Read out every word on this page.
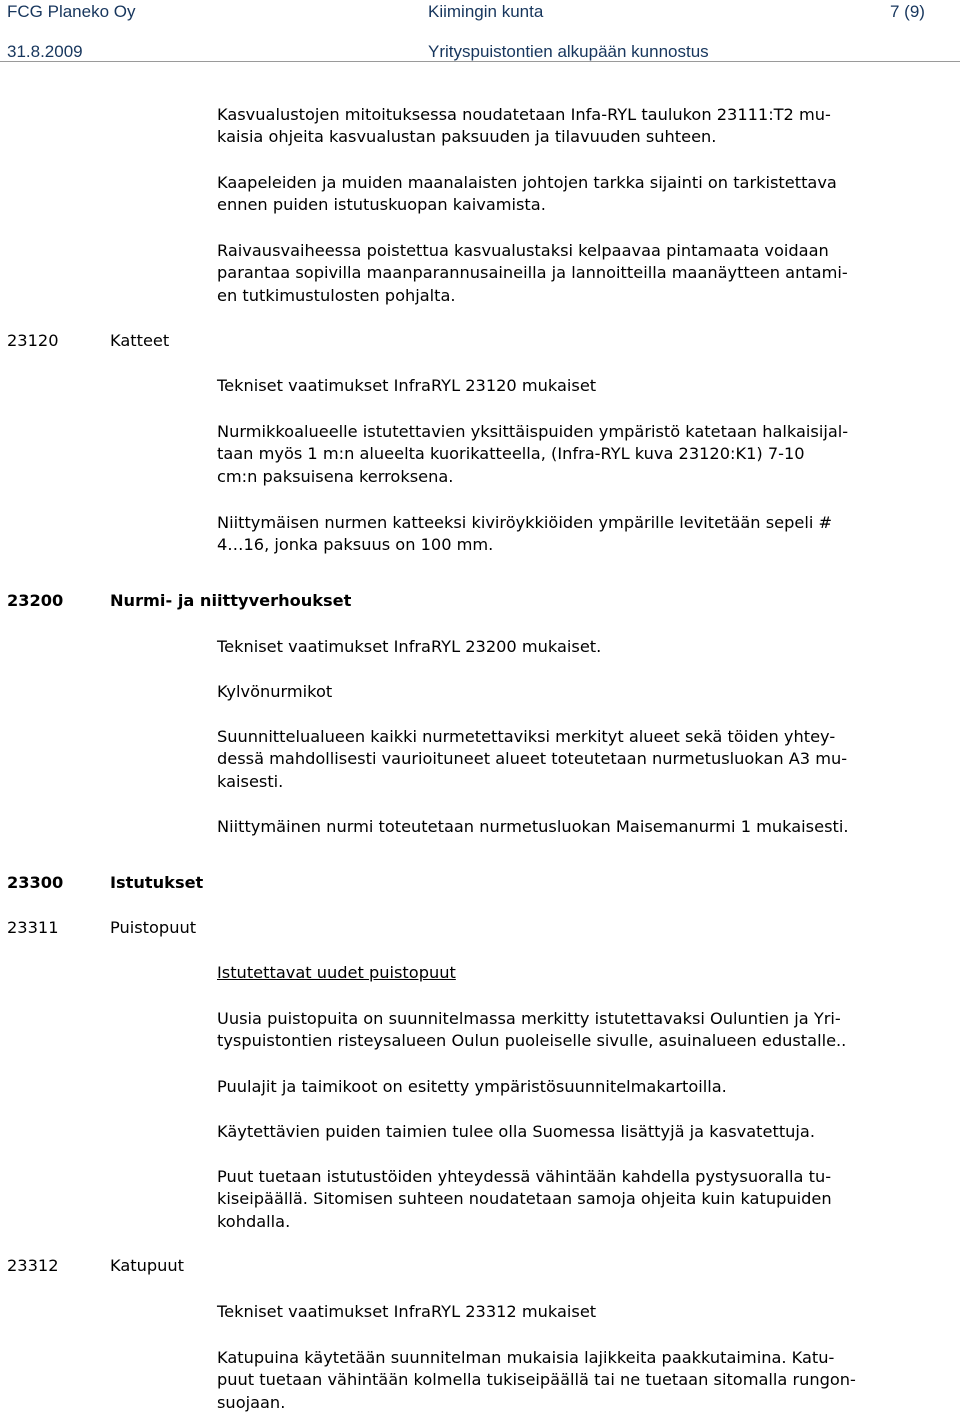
FCG Planeko Oy	Kiimingin kunta	7 (9)
31.8.2009	Yrityspuistontien alkupään kunnostus
Kasvualustojen mitoituksessa noudatetaan Infa-RYL taulukon 23111:T2 mu-
kaisia ohjeita kasvualustan paksuuden ja tilavuuden suhteen.
Kaapeleiden ja muiden maanalaisten johtojen tarkka sijainti on tarkistettava
ennen puiden istutuskuopan kaivamista.
Raivausvaiheessa poistettua kasvualustaksi kelpaavaa pintamaata voidaan
parantaa sopivilla maanparannusaineilla ja lannoitteilla maanäytteen antami-
en tutkimustulosten pohjalta.
23120	Katteet
Tekniset vaatimukset InfraRYL 23120 mukaiset
Nurmikkoalueelle istutettavien yksittäispuiden ympäristö katetaan halkaisijal-
taan myös 1 m:n alueelta kuorikatteella, (Infra-RYL kuva 23120:K1) 7-10
cm:n paksuisena kerroksena.
Niittymäisen nurmen katteeksi kiviröykkiöiden ympärille levitetään sepeli #
4…16, jonka paksuus on 100 mm.
23200	Nurmi- ja niittyverhoukset
Tekniset vaatimukset InfraRYL 23200 mukaiset.
Kylvönurmikot
Suunnittelualueen kaikki nurmetettaviksi merkityt alueet sekä töiden yhtey-
dessä mahdollisesti vaurioituneet alueet toteutetaan nurmetusluokan A3 mu-
kaisesti.
Niittymäinen nurmi toteutetaan nurmetusluokan Maisemanurmi 1 mukaisesti.
23300	Istutukset
23311	Puistopuut
Istutettavat uudet puistopuut
Uusia puistopuita on suunnitelmassa merkitty istutettavaksi Ouluntien ja Yri-
tyspuistontien risteysalueen Oulun puoleiselle sivulle, asuinalueen edustalle..
Puulajit ja taimikoot on esitetty ympäristösuunnitelmakartoilla.
Käytettävien puiden taimien tulee olla Suomessa lisättyjä ja kasvatettuja.
Puut tuetaan istutustöiden yhteydessä vähintään kahdella pystysuoralla tu-
kiseipäällä. Sitomisen suhteen noudatetaan samoja ohjeita kuin katupuiden
kohdalla.
23312	Katupuut
Tekniset vaatimukset InfraRYL 23312 mukaiset
Katupuina käytetään suunnitelman mukaisia lajikkeita paakkutaimina. Katu-
puut tuetaan vähintään kolmella tukiseipäällä tai ne tuetaan sitomalla rungon-
suojaan.
